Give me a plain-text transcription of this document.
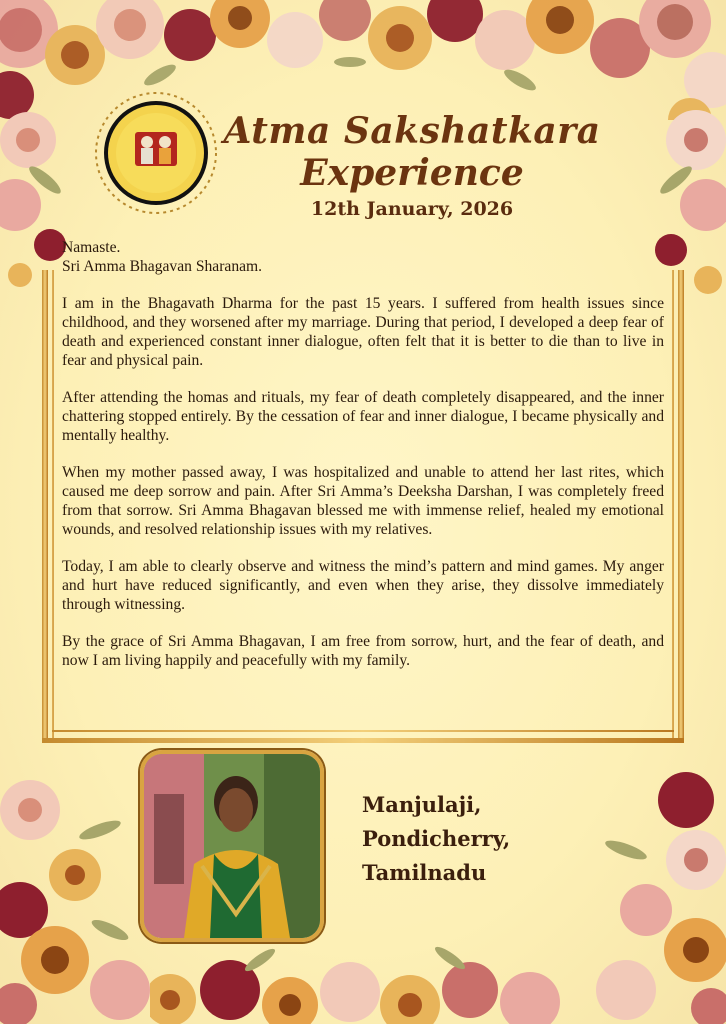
Atma Sakshatkara
Experience
12th January, 2026

Namaste.

Sri Amma Bhagavan Sharanam.

I am in the Bhagavath Dharma for the past 15 years. I suffered from health issues since childhood, and they worsened after my marriage. During that period, I developed a deep fear of death and experienced constant inner dialogue, often felt that it is better to die than to live in fear and physical pain.

After attending the homas and rituals, my fear of death completely disappeared, and the inner chattering stopped entirely. By the cessation of fear and inner dialogue, I became physically and mentally healthy.

When my mother passed away, I was hospitalized and unable to attend her last rites, which caused me deep sorrow and pain. After Sri Amma’s Deeksha Darshan, I was completely freed from that sorrow. Sri Amma Bhagavan blessed me with immense relief, healed my emotional wounds, and resolved relationship issues with my relatives.

Today, I am able to clearly observe and witness the mind’s pattern and mind games. My anger and hurt have reduced significantly, and even when they arise, they dissolve immediately through witnessing.

By the grace of Sri Amma Bhagavan, I am free from sorrow, hurt, and the fear of death, and now I am living happily and peacefully with my family.

Manjulaji,
Pondicherry,
Tamilnadu
